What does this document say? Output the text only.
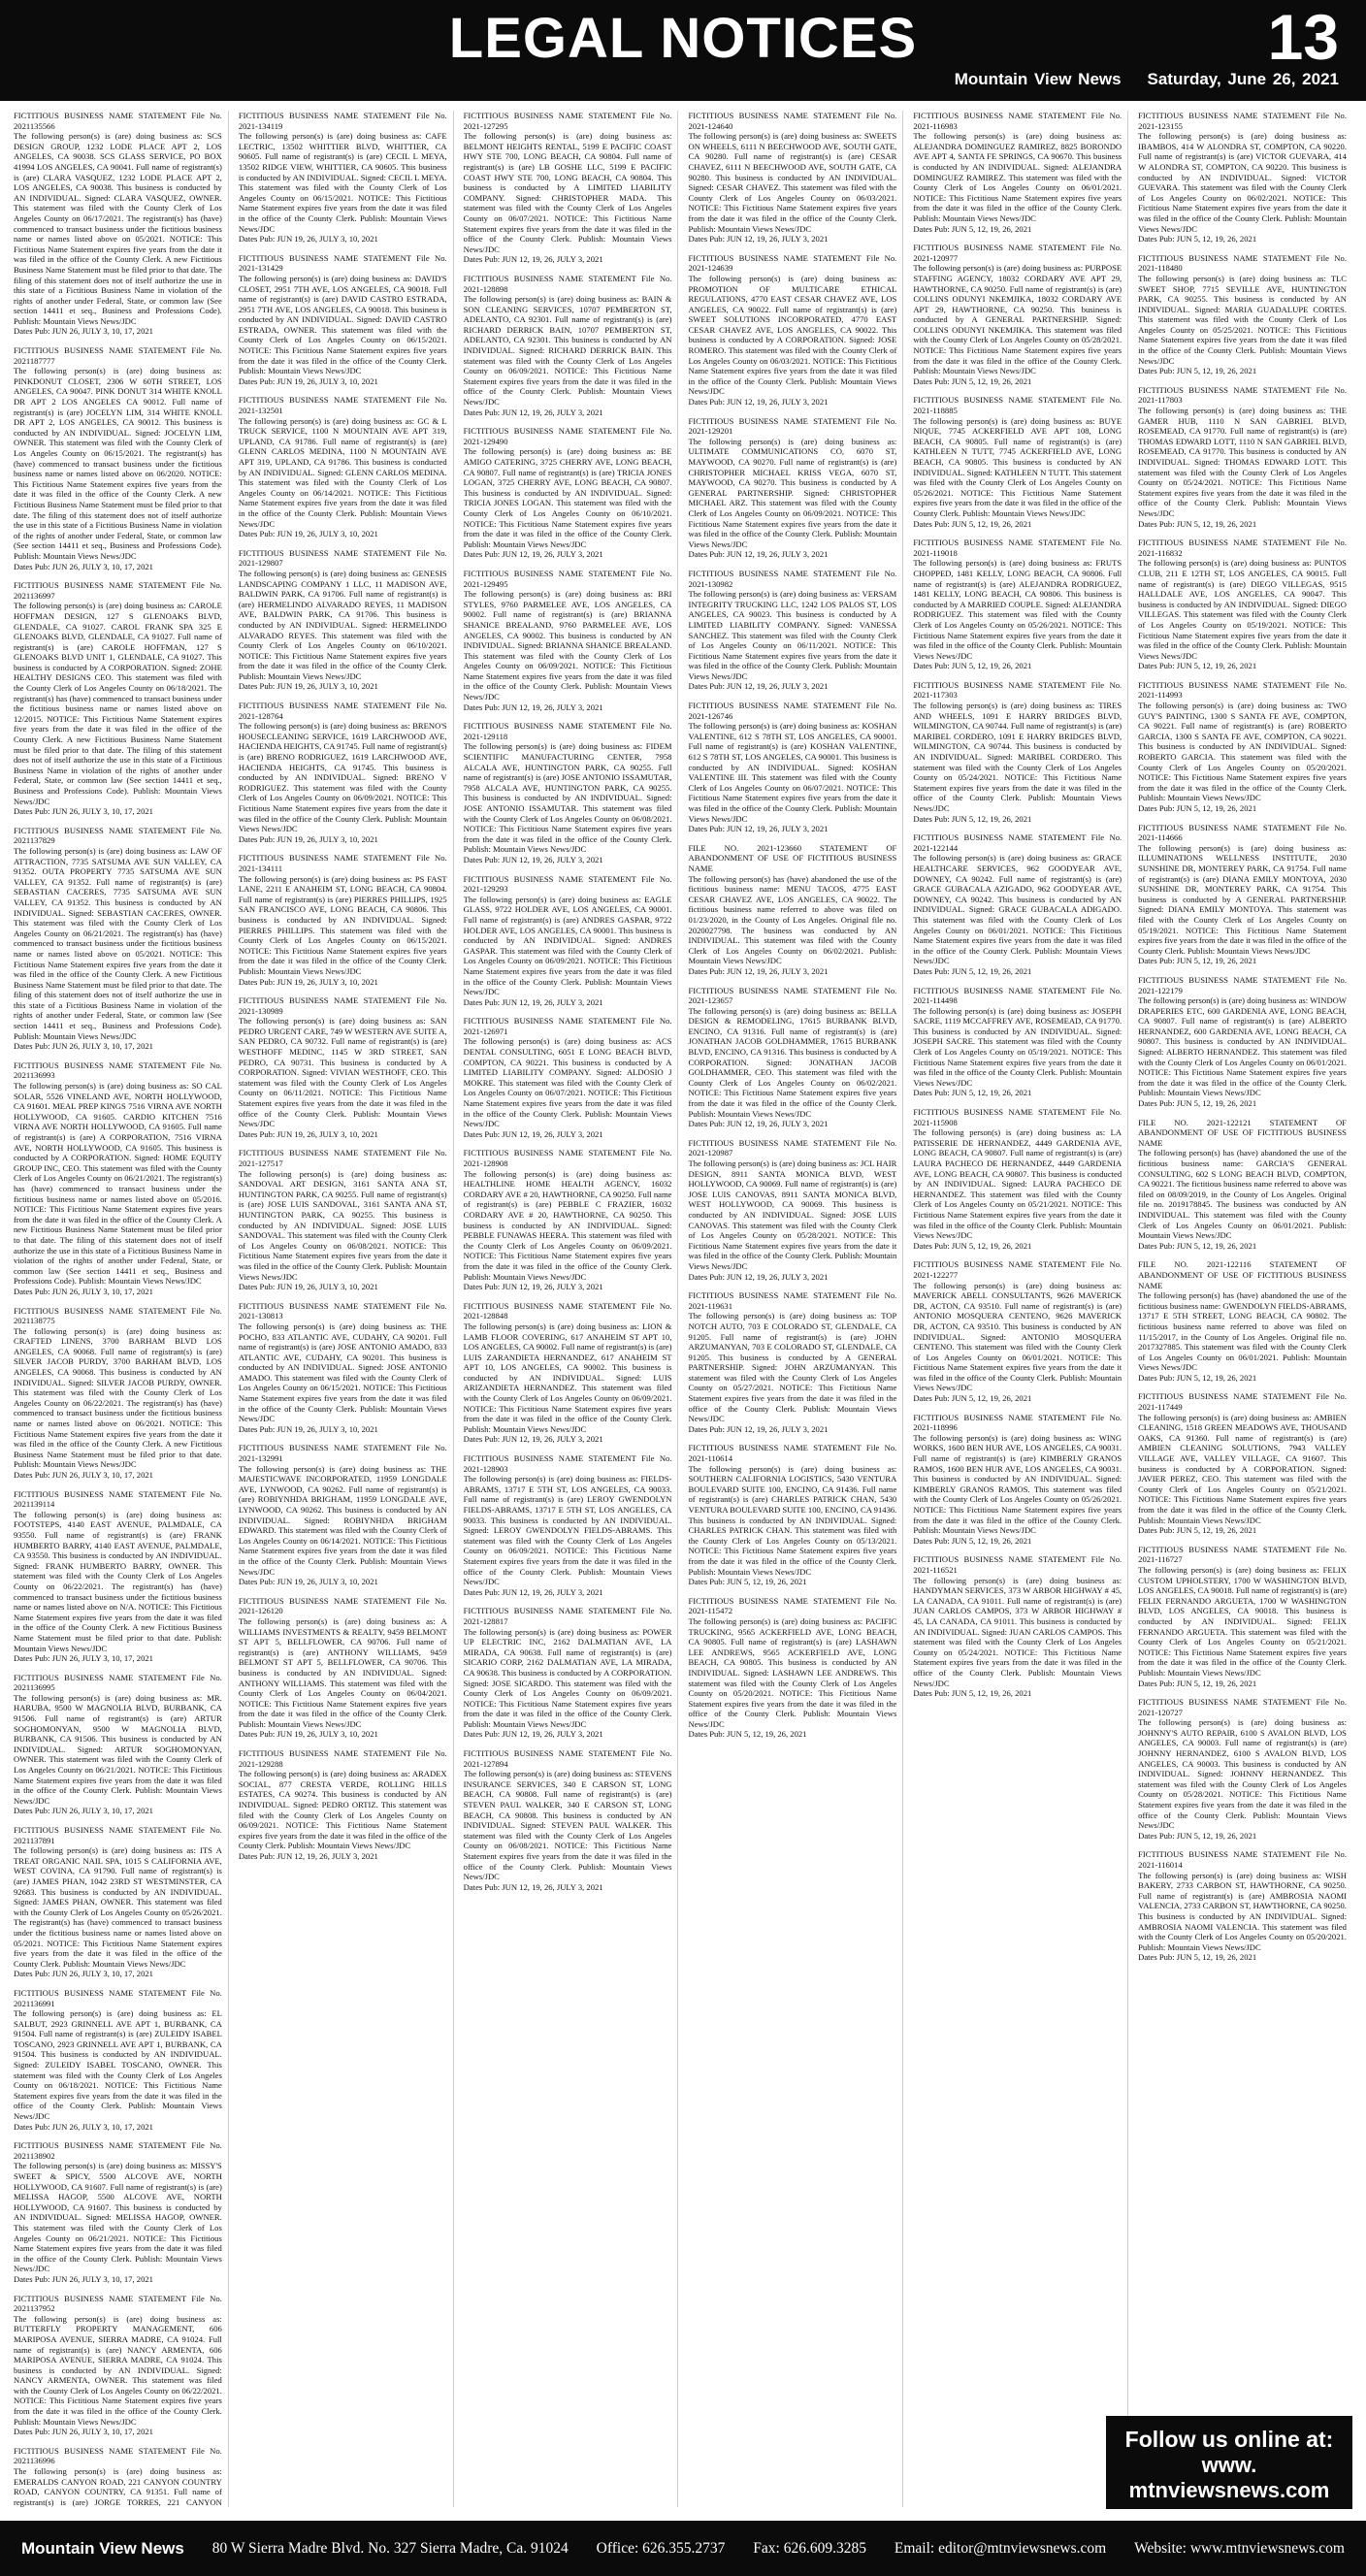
LEGAL NOTICES	13
Mountain View News Saturday, June 26, 2021
FICTITIOUS BUSINESS NAME STATEMENT File No. 2021135566
The following person(s) is (are) doing business as: SCS DESIGN GROUP, 1232 LODE PLACE APT 2, LOS ANGELES, CA 90038. SCS GLASS SERVICE, PO BOX 41994 LOS ANGELES, CA 90041. Full name of registrant(s) is (are) CLARA VASQUEZ, 1232 LODE PLACE APT 2, LOS ANGELES, CA 90038. This business is conducted by AN INDIVIDUAL. Signed: CLARA VASQUEZ, OWNER. This statement was filed with the County Clerk of Los Angeles County on 06/17/2021. The registrant(s) has (have) commenced to transact business under the fictitious business name or names listed above on 05/2021. NOTICE: This Fictitious Name Statement expires five years from the date it was filed in the office of the County Clerk. A new Fictitious Business Name Statement must be filed prior to that date. The filing of this statement does not of itself authorize the use in this state of a Fictitious Business Name in violation of the rights of another under Federal, State, or common law (See section 14411 et seq., Business and Professions Code). Publish: Mountain Views News/JDC
Dates Pub: JUN 26, JULY 3, 10, 17, 2021
FICTITIOUS BUSINESS NAME STATEMENT File No. 2021187777
The following person(s) is (are) doing business as: PINKDONUT CLOSET, 2306 W 60TH STREET, LOS ANGELES, CA 90047. PINK DONUT 314 WHITE KNOLL DR APT 2 LOS ANGELES CA 90012. Full name of registrant(s) is (are) JOCELYN LIM, 314 WHITE KNOLL DR APT 2, LOS ANGELES, CA 90012. This business is conducted by AN INDIVIDUAL. Signed: JOCELYN LIM, OWNER. This statement was filed with the County Clerk of Los Angeles County on 06/15/2021. The registrant(s) has (have) commenced to transact business under the fictitious business name or names listed above on 06/2020. NOTICE: This Fictitious Name Statement expires five years from the date it was filed in the office of the County Clerk. A new Fictitious Business Name Statement must be filed prior to that date. The filing of this statement does not of itself authorize the use in this state of a Fictitious Business Name in violation of the rights of another under Federal, State, or common law (See section 14411 et seq., Business and Professions Code). Publish: Mountain Views News/JDC
Dates Pub: JUN 26, JULY 3, 10, 17, 2021
FICTITIOUS BUSINESS NAME STATEMENT File No. 2021136997
The following person(s) is (are) doing business as: CAROLE HOFFMAN DESIGN, 127 S GLENOAKS BLVD, GLENDALE, CA 91027. CAROL FRANK SPA 325 E GLENOAKS BLVD, GLENDALE, CA 91027. Full name of registrant(s) is (are) CAROLE HOFFMAN, 127 S GLENOAKS BLVD UNIT 1, GLENDALE, CA 91027. This business is conducted by A CORPORATION. Signed: ZOHE HEALTHY DESIGNS CEO. This statement was filed with the County Clerk of Los Angeles County on 06/18/2021. The registrant(s) has (have) commenced to transact business under the fictitious business name or names listed above on 12/2015. NOTICE: This Fictitious Name Statement expires five years from the date it was filed in the office of the County Clerk. A new Fictitious Business Name Statement must be filed prior to that date. The filing of this statement does not of itself authorize the use in this state of a Fictitious Business Name in violation of the rights of another under Federal, State, or common law (See section 14411 et seq., Business and Professions Code). Publish: Mountain Views News/JDC
Dates Pub: JUN 26, JULY 3, 10, 17, 2021
FICTITIOUS BUSINESS NAME STATEMENT File No. 2021137829
The following person(s) is (are) doing business as: LAW OF ATTRACTION, 7735 SATSUMA AVE SUN VALLEY, CA 91352. OUTA PROPERTY 7735 SATSUMA AVE SUN VALLEY, CA 91352. Full name of registrant(s) is (are) SEBASTIAN CACERES, 7735 SATSUMA AVE SUN VALLEY, CA 91352. This business is conducted by AN INDIVIDUAL. Signed: SEBASTIAN CACERES, OWNER. This statement was filed with the County Clerk of Los Angeles County on 06/21/2021. The registrant(s) has (have) commenced to transact business under the fictitious business name or names listed above on 05/2021. NOTICE: This Fictitious Name Statement expires five years from the date it was filed in the office of the County Clerk. A new Fictitious Business Name Statement must be filed prior to that date. The filing of this statement does not of itself authorize the use in this state of a Fictitious Business Name in violation of the rights of another under Federal, State, or common law (See section 14411 et seq., Business and Professions Code). Publish: Mountain Views News/JDC
Dates Pub: JUN 26, JULY 3, 10, 17, 2021
FICTITIOUS BUSINESS NAME STATEMENT File No. 2021136993
The following person(s) is (are) doing business as: SO CAL SOLAR, 5526 VINELAND AVE, NORTH HOLLYWOOD, CA 91601. MEAL PREP KINGS 7516 VIRNA AVE NORTH HOLLYWOOD, CA 91605. CARDIO KITCHEN 7516 VIRNA AVE NORTH HOLLYWOOD, CA 91605. Full name of registrant(s) is (are) A CORPORATION, 7516 VIRNA AVE, NORTH HOLLYWOOD, CA 91605. This business is conducted by A CORPORATION. Signed: HOME EQUITY GROUP INC, CEO. This statement was filed with the County Clerk of Los Angeles County on 06/21/2021. The registrant(s) has (have) commenced to transact business under the fictitious business name or names listed above on 05/2016. NOTICE: This Fictitious Name Statement expires five years from the date it was filed in the office of the County Clerk. A new Fictitious Business Name Statement must be filed prior to that date. The filing of this statement does not of itself authorize the use in this state of a Fictitious Business Name in violation of the rights of another under Federal, State, or common law (See section 14411 et seq., Business and Professions Code). Publish: Mountain Views News/JDC
Dates Pub: JUN 26, JULY 3, 10, 17, 2021
FICTITIOUS BUSINESS NAME STATEMENT File No. 2021138775
The following person(s) is (are) doing business as: CRAFTED LINENS, 3700 BARHAM BLVD LOS ANGELES, CA 90068. Full name of registrant(s) is (are) SILVER JACOB PURDY, 3700 BARHAM BLVD, LOS ANGELES, CA 90068. This business is conducted by AN INDIVIDUAL. Signed: SILVER JACOB PURDY, OWNER. This statement was filed with the County Clerk of Los Angeles County on 06/22/2021. The registrant(s) has (have) commenced to transact business under the fictitious business name or names listed above on 06/2021. NOTICE: This Fictitious Name Statement expires five years from the date it was filed in the office of the County Clerk. A new Fictitious Business Name Statement must be filed prior to that date. Publish: Mountain Views News/JDC
Dates Pub: JUN 26, JULY 3, 10, 17, 2021
FICTITIOUS BUSINESS NAME STATEMENT File No. 2021139114
The following person(s) is (are) doing business as: FOOTSTEPS, 4140 EAST AVENUE, PALMDALE, CA 93550. Full name of registrant(s) is (are) FRANK HUMBERTO BARRY, 4140 EAST AVENUE, PALMDALE, CA 93550. This business is conducted by AN INDIVIDUAL. Signed: FRANK HUMBERTO BARRY, OWNER. This statement was filed with the County Clerk of Los Angeles County on 06/22/2021. The registrant(s) has (have) commenced to transact business under the fictitious business name or names listed above on N/A. NOTICE: This Fictitious Name Statement expires five years from the date it was filed in the office of the County Clerk. A new Fictitious Business Name Statement must be filed prior to that date. Publish: Mountain Views News/JDC
Dates Pub: JUN 26, JULY 3, 10, 17, 2021
FICTITIOUS BUSINESS NAME STATEMENT File No. 2021136995
The following person(s) is (are) doing business as: MR. HARUBA, 9500 W MAGNOLIA BLVD, BURBANK, CA 91506. Full name of registrant(s) is (are) ARTUR SOGHOMONYAN, 9500 W MAGNOLIA BLVD, BURBANK, CA 91506. This business is conducted by AN INDIVIDUAL. Signed: ARTUR SOGHOMONYAN, OWNER. This statement was filed with the County Clerk of Los Angeles County on 06/21/2021. NOTICE: This Fictitious Name Statement expires five years from the date it was filed in the office of the County Clerk. Publish: Mountain Views News/JDC
Dates Pub: JUN 26, JULY 3, 10, 17, 2021
FICTITIOUS BUSINESS NAME STATEMENT File No. 2021137891
The following person(s) is (are) doing business as: ITS A TREAT ORGANIC NAIL SPA, 1015 S CALIFORNIA AVE, WEST COVINA, CA 91790. Full name of registrant(s) is (are) JAMES PHAN, 1042 23RD ST WESTMINSTER, CA 92683. This business is conducted by AN INDIVIDUAL. Signed: JAMES PHAN, OWNER. This statement was filed with the County Clerk of Los Angeles County on 05/26/2021. The registrant(s) has (have) commenced to transact business under the fictitious business name or names listed above on 05/2021. NOTICE: This Fictitious Name Statement expires five years from the date it was filed in the office of the County Clerk. Publish: Mountain Views News/JDC
Dates Pub: JUN 26, JULY 3, 10, 17, 2021
FICTITIOUS BUSINESS NAME STATEMENT File No. 2021136991
The following person(s) is (are) doing business as: EL SALBUT, 2923 GRINNELL AVE APT 1, BURBANK, CA 91504. Full name of registrant(s) is (are) ZULEIDY ISABEL TOSCANO, 2923 GRINNELL AVE APT 1, BURBANK, CA 91504. This business is conducted by AN INDIVIDUAL. Signed: ZULEIDY ISABEL TOSCANO, OWNER. This statement was filed with the County Clerk of Los Angeles County on 06/18/2021. NOTICE: This Fictitious Name Statement expires five years from the date it was filed in the office of the County Clerk. Publish: Mountain Views News/JDC
Dates Pub: JUN 26, JULY 3, 10, 17, 2021
FICTITIOUS BUSINESS NAME STATEMENT File No. 2021138902
The following person(s) is (are) doing business as: MISSY'S SWEET & SPICY, 5500 ALCOVE AVE, NORTH HOLLYWOOD, CA 91607. Full name of registrant(s) is (are) MELISSA HAGOP, 5500 ALCOVE AVE, NORTH HOLLYWOOD, CA 91607. This business is conducted by AN INDIVIDUAL. Signed: MELISSA HAGOP, OWNER. This statement was filed with the County Clerk of Los Angeles County on 06/21/2021. NOTICE: This Fictitious Name Statement expires five years from the date it was filed in the office of the County Clerk. Publish: Mountain Views News/JDC
Dates Pub: JUN 26, JULY 3, 10, 17, 2021
FICTITIOUS BUSINESS NAME STATEMENT File No. 2021137952
The following person(s) is (are) doing business as: BUTTERFLY PROPERTY MANAGEMENT, 606 MARIPOSA AVENUE, SIERRA MADRE, CA 91024. Full name of registrant(s) is (are) NANCY ARMENTA, 606 MARIPOSA AVENUE, SIERRA MADRE, CA 91024. This business is conducted by AN INDIVIDUAL. Signed: NANCY ARMENTA, OWNER. This statement was filed with the County Clerk of Los Angeles County on 06/22/2021. NOTICE: This Fictitious Name Statement expires five years from the date it was filed in the office of the County Clerk. Publish: Mountain Views News/JDC
Dates Pub: JUN 26, JULY 3, 10, 17, 2021
FICTITIOUS BUSINESS NAME STATEMENT File No. 2021136996
The following person(s) is (are) doing business as: EMERALDS CANYON ROAD, 221 CANYON COUNTRY ROAD, CANYON COUNTRY, CA 91351. Full name of registrant(s) is (are) JORGE TORRES, 221 CANYON
FICTITIOUS BUSINESS NAME STATEMENT File No. 2021-134119
The following person(s) is (are) doing business as: CAFE LECTRIC, 13502 WHITTIER BLVD, WHITTIER, CA 90605. Full name of registrant(s) is (are) CECIL L MEYA, 13502 RIDGE VIEW, WHITTIER, CA 90605. This business is conducted by AN INDIVIDUAL. Signed: CECIL L MEYA. This statement was filed with the County Clerk of Los Angeles County on 06/15/2021. NOTICE: This Fictitious Name Statement expires five years from the date it was filed in the office of the County Clerk. Publish: Mountain Views News/JDC
Dates Pub: JUN 19, 26, JULY 3, 10, 2021
FICTITIOUS BUSINESS NAME STATEMENT File No. 2021-131429
The following person(s) is (are) doing business as: DAVID'S CLOSET, 2951 7TH AVE, LOS ANGELES, CA 90018. Full name of registrant(s) is (are) DAVID CASTRO ESTRADA, 2951 7TH AVE, LOS ANGELES, CA 90018. This business is conducted by AN INDIVIDUAL. Signed: DAVID CASTRO ESTRADA, OWNER. This statement was filed with the County Clerk of Los Angeles County on 06/15/2021. NOTICE: This Fictitious Name Statement expires five years from the date it was filed in the office of the County Clerk. Publish: Mountain Views News/JDC
Dates Pub: JUN 19, 26, JULY 3, 10, 2021
FICTITIOUS BUSINESS NAME STATEMENT File No. 2021-132501
The following person(s) is (are) doing business as: GC & L TRUCK SERVICE, 1100 N MOUNTAIN AVE APT 319, UPLAND, CA 91786. Full name of registrant(s) is (are) GLENN CARLOS MEDINA, 1100 N MOUNTAIN AVE APT 319, UPLAND, CA 91786. This business is conducted by AN INDIVIDUAL. Signed: GLENN CARLOS MEDINA. This statement was filed with the County Clerk of Los Angeles County on 06/14/2021. NOTICE: This Fictitious Name Statement expires five years from the date it was filed in the office of the County Clerk. Publish: Mountain Views News/JDC
Dates Pub: JUN 19, 26, JULY 3, 10, 2021
FICTITIOUS BUSINESS NAME STATEMENT File No. 2021-129807
The following person(s) is (are) doing business as: GENESIS LANDSCAPING COMPANY 1 LLC, 11 MADISON AVE, BALDWIN PARK, CA 91706. Full name of registrant(s) is (are) HERMELINDO ALVARADO REYES, 11 MADISON AVE, BALDWIN PARK, CA 91706. This business is conducted by AN INDIVIDUAL. Signed: HERMELINDO ALVARADO REYES. This statement was filed with the County Clerk of Los Angeles County on 06/10/2021. NOTICE: This Fictitious Name Statement expires five years from the date it was filed in the office of the County Clerk. Publish: Mountain Views News/JDC
Dates Pub: JUN 19, 26, JULY 3, 10, 2021
FICTITIOUS BUSINESS NAME STATEMENT File No. 2021-128764
The following person(s) is (are) doing business as: BRENO'S HOUSECLEANING SERVICE, 1619 LARCHWOOD AVE, HACIENDA HEIGHTS, CA 91745. Full name of registrant(s) is (are) BRENO RODRIGUEZ, 1619 LARCHWOOD AVE, HACIENDA HEIGHTS, CA 91745. This business is conducted by AN INDIVIDUAL. Signed: BRENO V RODRIGUEZ. This statement was filed with the County Clerk of Los Angeles County on 06/09/2021. NOTICE: This Fictitious Name Statement expires five years from the date it was filed in the office of the County Clerk. Publish: Mountain Views News/JDC
Dates Pub: JUN 19, 26, JULY 3, 10, 2021
FICTITIOUS BUSINESS NAME STATEMENT File No. 2021-134111
The following person(s) is (are) doing business as: PS FAST LANE, 2211 E ANAHEIM ST, LONG BEACH, CA 90804. Full name of registrant(s) is (are) PIERRES PHILLIPS, 1925 SAN FRANCISCO AVE, LONG BEACH, CA 90806. This business is conducted by AN INDIVIDUAL. Signed: PIERRES PHILLIPS. This statement was filed with the County Clerk of Los Angeles County on 06/15/2021. NOTICE: This Fictitious Name Statement expires five years from the date it was filed in the office of the County Clerk. Publish: Mountain Views News/JDC
Dates Pub: JUN 19, 26, JULY 3, 10, 2021
FICTITIOUS BUSINESS NAME STATEMENT File No. 2021-130989
The following person(s) is (are) doing business as: SAN PEDRO URGENT CARE, 749 W WESTERN AVE SUITE A, SAN PEDRO, CA 90732. Full name of registrant(s) is (are) WESTHOFF MEDINC, 1145 W 3RD STREET, SAN PEDRO, CA 90731. This business is conducted by A CORPORATION. Signed: VIVIAN WESTHOFF, CEO. This statement was filed with the County Clerk of Los Angeles County on 06/11/2021. NOTICE: This Fictitious Name Statement expires five years from the date it was filed in the office of the County Clerk. Publish: Mountain Views News/JDC
Dates Pub: JUN 19, 26, JULY 3, 10, 2021
FICTITIOUS BUSINESS NAME STATEMENT File No. 2021-127517
The following person(s) is (are) doing business as: SANDOVAL ART DESIGN, 3161 SANTA ANA ST, HUNTINGTON PARK, CA 90255. Full name of registrant(s) is (are) JOSE LUIS SANDOVAL, 3161 SANTA ANA ST, HUNTINGTON PARK, CA 90255. This business is conducted by AN INDIVIDUAL. Signed: JOSE LUIS SANDOVAL. This statement was filed with the County Clerk of Los Angeles County on 06/08/2021. NOTICE: This Fictitious Name Statement expires five years from the date it was filed in the office of the County Clerk. Publish: Mountain Views News/JDC
Dates Pub: JUN 19, 26, JULY 3, 10, 2021
FICTITIOUS BUSINESS NAME STATEMENT File No. 2021-130813
The following person(s) is (are) doing business as: THE POCHO, 833 ATLANTIC AVE, CUDAHY, CA 90201. Full name of registrant(s) is (are) JOSE ANTONIO AMADO, 833 ATLANTIC AVE, CUDAHY, CA 90201. This business is conducted by AN INDIVIDUAL. Signed: JOSE ANTONIO AMADO. This statement was filed with the County Clerk of Los Angeles County on 06/15/2021. NOTICE: This Fictitious Name Statement expires five years from the date it was filed in the office of the County Clerk. Publish: Mountain Views News/JDC
Dates Pub: JUN 19, 26, JULY 3, 10, 2021
FICTITIOUS BUSINESS NAME STATEMENT File No. 2021-132991
The following person(s) is (are) doing business as: THE MAJESTICWAVE INCORPORATED, 11959 LONGDALE AVE, LYNWOOD, CA 90262. Full name of registrant(s) is (are) ROBIYNHDA BRIGHAM, 11959 LONGDALE AVE, LYNWOOD, CA 90262. This business is conducted by AN INDIVIDUAL. Signed: ROBIYNHDA BRIGHAM EDWARD. This statement was filed with the County Clerk of Los Angeles County on 06/14/2021. NOTICE: This Fictitious Name Statement expires five years from the date it was filed in the office of the County Clerk. Publish: Mountain Views News/JDC
Dates Pub: JUN 19, 26, JULY 3, 10, 2021
FICTITIOUS BUSINESS NAME STATEMENT File No. 2021-126120
The following person(s) is (are) doing business as: A WILLIAMS INVESTMENTS & REALTY, 9459 BELMONT ST APT 5, BELLFLOWER, CA 90706. Full name of registrant(s) is (are) ANTHONY WILLIAMS, 9459 BELMONT ST APT 5, BELLFLOWER, CA 90706. This business is conducted by AN INDIVIDUAL. Signed: ANTHONY WILLIAMS. This statement was filed with the County Clerk of Los Angeles County on 06/04/2021. NOTICE: This Fictitious Name Statement expires five years from the date it was filed in the office of the County Clerk. Publish: Mountain Views News/JDC
Dates Pub: JUN 19, 26, JULY 3, 10, 2021
FICTITIOUS BUSINESS NAME STATEMENT File No. 2021-129288
The following person(s) is (are) doing business as: ARADEX SOCIAL, 877 CRESTA VERDE, ROLLING HILLS ESTATES, CA 90274. This business is conducted by AN INDIVIDUAL. Signed: PEDRO ORTIZ. This statement was filed with the County Clerk of Los Angeles County on 06/09/2021. NOTICE: This Fictitious Name Statement expires five years from the date it was filed in the office of the County Clerk. Publish: Mountain Views News/JDC
Dates Pub: JUN 12, 19, 26, JULY 3, 2021
FICTITIOUS BUSINESS NAME STATEMENT File No. 2021-127295
The following person(s) is (are) doing business as: BELMONT HEIGHTS RENTAL, 5199 E PACIFIC COAST HWY STE 700, LONG BEACH, CA 90804. Full name of registrant(s) is (are) LB GOSHE LLC, 5199 E PACIFIC COAST HWY STE 700, LONG BEACH, CA 90804. This business is conducted by A LIMITED LIABILITY COMPANY. Signed: CHRISTOPHER MADA. This statement was filed with the County Clerk of Los Angeles County on 06/07/2021. NOTICE: This Fictitious Name Statement expires five years from the date it was filed in the office of the County Clerk. Publish: Mountain Views News/JDC
Dates Pub: JUN 12, 19, 26, JULY 3, 2021
FICTITIOUS BUSINESS NAME STATEMENT File No. 2021-128898
The following person(s) is (are) doing business as: BAIN & SON CLEANING SERVICES, 10707 PEMBERTON ST, ADELANTO, CA 92301. Full name of registrant(s) is (are) RICHARD DERRICK BAIN, 10707 PEMBERTON ST, ADELANTO, CA 92301. This business is conducted by AN INDIVIDUAL. Signed: RICHARD DERRICK BAIN. This statement was filed with the County Clerk of Los Angeles County on 06/09/2021. NOTICE: This Fictitious Name Statement expires five years from the date it was filed in the office of the County Clerk. Publish: Mountain Views News/JDC
Dates Pub: JUN 12, 19, 26, JULY 3, 2021
FICTITIOUS BUSINESS NAME STATEMENT File No. 2021-129490
The following person(s) is (are) doing business as: BE AMIGO CATERING, 3725 CHERRY AVE, LONG BEACH, CA 90807. Full name of registrant(s) is (are) TRICIA JONES LOGAN, 3725 CHERRY AVE, LONG BEACH, CA 90807. This business is conducted by AN INDIVIDUAL. Signed: TRICIA JONES LOGAN. This statement was filed with the County Clerk of Los Angeles County on 06/10/2021. NOTICE: This Fictitious Name Statement expires five years from the date it was filed in the office of the County Clerk. Publish: Mountain Views News/JDC
Dates Pub: JUN 12, 19, 26, JULY 3, 2021
FICTITIOUS BUSINESS NAME STATEMENT File No. 2021-129495
The following person(s) is (are) doing business as: BRI STYLES, 9760 PARMELEE AVE, LOS ANGELES, CA 90002. Full name of registrant(s) is (are) BRIANNA SHANICE BREALAND, 9760 PARMELEE AVE, LOS ANGELES, CA 90002. This business is conducted by AN INDIVIDUAL. Signed: BRIANNA SHANICE BREALAND. This statement was filed with the County Clerk of Los Angeles County on 06/09/2021. NOTICE: This Fictitious Name Statement expires five years from the date it was filed in the office of the County Clerk. Publish: Mountain Views News/JDC
Dates Pub: JUN 12, 19, 26, JULY 3, 2021
FICTITIOUS BUSINESS NAME STATEMENT File No. 2021-129118
The following person(s) is (are) doing business as: FIDEM SCIENTIFIC MANUFACTURING CENTER, 7958 ALCALA AVE, HUNTINGTON PARK, CA 90255. Full name of registrant(s) is (are) JOSE ANTONIO ISSAMUTAR, 7958 ALCALA AVE, HUNTINGTON PARK, CA 90255. This business is conducted by AN INDIVIDUAL. Signed: JOSE ANTONIO ISSAMUTAR. This statement was filed with the County Clerk of Los Angeles County on 06/08/2021. NOTICE: This Fictitious Name Statement expires five years from the date it was filed in the office of the County Clerk. Publish: Mountain Views News/JDC
Dates Pub: JUN 12, 19, 26, JULY 3, 2021
FICTITIOUS BUSINESS NAME STATEMENT File No. 2021-129293
The following person(s) is (are) doing business as: EAGLE GLASS, 9722 HOLDER AVE, LOS ANGELES, CA 90001. Full name of registrant(s) is (are) ANDRES GASPAR, 9722 HOLDER AVE, LOS ANGELES, CA 90001. This business is conducted by AN INDIVIDUAL. Signed: ANDRES GASPAR. This statement was filed with the County Clerk of Los Angeles County on 06/09/2021. NOTICE: This Fictitious Name Statement expires five years from the date it was filed in the office of the County Clerk. Publish: Mountain Views News/JDC
Dates Pub: JUN 12, 19, 26, JULY 3, 2021
FICTITIOUS BUSINESS NAME STATEMENT File No. 2021-126971
The following person(s) is (are) doing business as: ACS DENTAL CONSULTING, 6051 E LONG BEACH BLVD, COMPTON, CA 90221. This business is conducted by A LIMITED LIABILITY COMPANY. Signed: ALDOSIO J MOKRE. This statement was filed with the County Clerk of Los Angeles County on 06/07/2021. NOTICE: This Fictitious Name Statement expires five years from the date it was filed in the office of the County Clerk. Publish: Mountain Views News/JDC
Dates Pub: JUN 12, 19, 26, JULY 3, 2021
FICTITIOUS BUSINESS NAME STATEMENT File No. 2021-128908
The following person(s) is (are) doing business as: HEALTHLINE HOME HEALTH AGENCY, 16032 CORDARY AVE # 20, HAWTHORNE, CA 90250. Full name of registrant(s) is (are) PEBBLE C FRAZIER, 16032 CORDARY AVE # 20, HAWTHORNE, CA 90250. This business is conducted by AN INDIVIDUAL. Signed: PEBBLE FUNAWAS HEERA. This statement was filed with the County Clerk of Los Angeles County on 06/09/2021. NOTICE: This Fictitious Name Statement expires five years from the date it was filed in the office of the County Clerk. Publish: Mountain Views News/JDC
Dates Pub: JUN 12, 19, 26, JULY 3, 2021
FICTITIOUS BUSINESS NAME STATEMENT File No. 2021-128848
The following person(s) is (are) doing business as: LION & LAMB FLOOR COVERING, 617 ANAHEIM ST APT 10, LOS ANGELES, CA 90002. Full name of registrant(s) is (are) LUIS ZARANDIETA HERNANDEZ, 617 ANAHEIM ST APT 10, LOS ANGELES, CA 90002. This business is conducted by AN INDIVIDUAL. Signed: LUIS ARIZANDIETA HERNANDEZ. This statement was filed with the County Clerk of Los Angeles County on 06/09/2021. NOTICE: This Fictitious Name Statement expires five years from the date it was filed in the office of the County Clerk. Publish: Mountain Views News/JDC
Dates Pub: JUN 12, 19, 26, JULY 3, 2021
FICTITIOUS BUSINESS NAME STATEMENT File No. 2021-128903
The following person(s) is (are) doing business as: FIELDS-ABRAMS, 13717 E 5TH ST, LOS ANGELES, CA 90033. Full name of registrant(s) is (are) LEROY GWENDOLYN FIELDS-ABRAMS, 13717 E 5TH ST, LOS ANGELES, CA 90033. This business is conducted by AN INDIVIDUAL. Signed: LEROY GWENDOLYN FIELDS-ABRAMS. This statement was filed with the County Clerk of Los Angeles County on 06/09/2021. NOTICE: This Fictitious Name Statement expires five years from the date it was filed in the office of the County Clerk. Publish: Mountain Views News/JDC
Dates Pub: JUN 12, 19, 26, JULY 3, 2021
FICTITIOUS BUSINESS NAME STATEMENT File No. 2021-128817
The following person(s) is (are) doing business as: POWER UP ELECTRIC INC, 2162 DALMATIAN AVE, LA MIRADA, CA 90638. Full name of registrant(s) is (are) SICARIO CORP, 2162 DALMATIAN AVE, LA MIRADA, CA 90638. This business is conducted by A CORPORATION. Signed: JOSE SICARDO. This statement was filed with the County Clerk of Los Angeles County on 06/09/2021. NOTICE: This Fictitious Name Statement expires five years from the date it was filed in the office of the County Clerk. Publish: Mountain Views News/JDC
Dates Pub: JUN 12, 19, 26, JULY 3, 2021
FICTITIOUS BUSINESS NAME STATEMENT File No. 2021-127894
The following person(s) is (are) doing business as: STEVENS INSURANCE SERVICES, 340 E CARSON ST, LONG BEACH, CA 90808. Full name of registrant(s) is (are) STEVEN PAUL WALKER, 340 E CARSON ST, LONG BEACH, CA 90808. This business is conducted by AN INDIVIDUAL. Signed: STEVEN PAUL WALKER. This statement was filed with the County Clerk of Los Angeles County on 06/08/2021. NOTICE: This Fictitious Name Statement expires five years from the date it was filed in the office of the County Clerk. Publish: Mountain Views News/JDC
Dates Pub: JUN 12, 19, 26, JULY 3, 2021
FICTITIOUS BUSINESS NAME STATEMENT File No. 2021-124640
The following person(s) is (are) doing business as: SWEETS ON WHEELS, 6111 N BEECHWOOD AVE, SOUTH GATE, CA 90280. Full name of registrant(s) is (are) CESAR CHAVEZ, 6111 N BEECHWOOD AVE, SOUTH GATE, CA 90280. This business is conducted by AN INDIVIDUAL. Signed: CESAR CHAVEZ. This statement was filed with the County Clerk of Los Angeles County on 06/03/2021. NOTICE: This Fictitious Name Statement expires five years from the date it was filed in the office of the County Clerk. Publish: Mountain Views News/JDC
Dates Pub: JUN 12, 19, 26, JULY 3, 2021
FICTITIOUS BUSINESS NAME STATEMENT File No. 2021-124639
The following person(s) is (are) doing business as: PROMOTION OF MULTICARE ETHICAL REGULATIONS, 4770 EAST CESAR CHAVEZ AVE, LOS ANGELES, CA 90022. Full name of registrant(s) is (are) SWEET SOLUTIONS INCORPORATED, 4770 EAST CESAR CHAVEZ AVE, LOS ANGELES, CA 90022. This business is conducted by A CORPORATION. Signed: JOSE ROMERO. This statement was filed with the County Clerk of Los Angeles County on 06/03/2021. NOTICE: This Fictitious Name Statement expires five years from the date it was filed in the office of the County Clerk. Publish: Mountain Views News/JDC
Dates Pub: JUN 12, 19, 26, JULY 3, 2021
FICTITIOUS BUSINESS NAME STATEMENT File No. 2021-129201
The following person(s) is (are) doing business as: ULTIMATE COMMUNICATIONS CO, 6070 ST, MAYWOOD, CA 90270. Full name of registrant(s) is (are) CHRISTOPHER MICHAEL KRISS VEGA, 6070 ST, MAYWOOD, CA 90270. This business is conducted by A GENERAL PARTNERSHIP. Signed: CHRISTOPHER MICHAEL ARZ. This statement was filed with the County Clerk of Los Angeles County on 06/09/2021. NOTICE: This Fictitious Name Statement expires five years from the date it was filed in the office of the County Clerk. Publish: Mountain Views News/JDC
Dates Pub: JUN 12, 19, 26, JULY 3, 2021
FICTITIOUS BUSINESS NAME STATEMENT File No. 2021-130982
The following person(s) is (are) doing business as: VERSAM INTEGRITY TRUCKING LLC, 1242 LOS PALOS ST, LOS ANGELES, CA 90023. This business is conducted by A LIMITED LIABILITY COMPANY. Signed: VANESSA SANCHEZ. This statement was filed with the County Clerk of Los Angeles County on 06/11/2021. NOTICE: This Fictitious Name Statement expires five years from the date it was filed in the office of the County Clerk. Publish: Mountain Views News/JDC
Dates Pub: JUN 12, 19, 26, JULY 3, 2021
FICTITIOUS BUSINESS NAME STATEMENT File No. 2021-126746
The following person(s) is (are) doing business as: KOSHAN VALENTINE, 612 S 78TH ST, LOS ANGELES, CA 90001. Full name of registrant(s) is (are) KOSHAN VALENTINE, 612 S 78TH ST, LOS ANGELES, CA 90001. This business is conducted by AN INDIVIDUAL. Signed: KOSHAN VALENTINE III. This statement was filed with the County Clerk of Los Angeles County on 06/07/2021. NOTICE: This Fictitious Name Statement expires five years from the date it was filed in the office of the County Clerk. Publish: Mountain Views News/JDC
Dates Pub: JUN 12, 19, 26, JULY 3, 2021
FILE NO. 2021-123660 STATEMENT OF ABANDONMENT OF USE OF FICTITIOUS BUSINESS NAME
The following person(s) has (have) abandoned the use of the fictitious business name: MENU TACOS, 4775 EAST CESAR CHAVEZ AVE, LOS ANGELES, CA 90022. The fictitious business name referred to above was filed on 01/23/2020, in the County of Los Angeles. Original file no. 2020027798. The business was conducted by AN INDIVIDUAL. This statement was filed with the County Clerk of Los Angeles County on 06/02/2021. Publish: Mountain Views News/JDC
Dates Pub: JUN 12, 19, 26, JULY 3, 2021
FICTITIOUS BUSINESS NAME STATEMENT File No. 2021-123657
The following person(s) is (are) doing business as: BELLA DESIGN & REMODELING, 17615 BURBANK BLVD, ENCINO, CA 91316. Full name of registrant(s) is (are) JONATHAN JACOB GOLDHAMMER, 17615 BURBANK BLVD, ENCINO, CA 91316. This business is conducted by A CORPORATION. Signed: JONATHAN JACOB GOLDHAMMER, CEO. This statement was filed with the County Clerk of Los Angeles County on 06/02/2021. NOTICE: This Fictitious Name Statement expires five years from the date it was filed in the office of the County Clerk. Publish: Mountain Views News/JDC
Dates Pub: JUN 12, 19, 26, JULY 3, 2021
FICTITIOUS BUSINESS NAME STATEMENT File No. 2021-120987
The following person(s) is (are) doing business as: JCL HAIR DESIGN, 8911 SANTA MONICA BLVD, WEST HOLLYWOOD, CA 90069. Full name of registrant(s) is (are) JOSE LUIS CANOVAS, 8911 SANTA MONICA BLVD, WEST HOLLYWOOD, CA 90069. This business is conducted by AN INDIVIDUAL. Signed: JOSE LUIS CANOVAS. This statement was filed with the County Clerk of Los Angeles County on 05/28/2021. NOTICE: This Fictitious Name Statement expires five years from the date it was filed in the office of the County Clerk. Publish: Mountain Views News/JDC
Dates Pub: JUN 12, 19, 26, JULY 3, 2021
FICTITIOUS BUSINESS NAME STATEMENT File No. 2021-119631
The following person(s) is (are) doing business as: TOP NOTCH AUTO, 703 E COLORADO ST, GLENDALE, CA 91205. Full name of registrant(s) is (are) JOHN ARZUMANYAN, 703 E COLORADO ST, GLENDALE, CA 91205. This business is conducted by A GENERAL PARTNERSHIP. Signed: JOHN ARZUMANYAN. This statement was filed with the County Clerk of Los Angeles County on 05/27/2021. NOTICE: This Fictitious Name Statement expires five years from the date it was filed in the office of the County Clerk. Publish: Mountain Views News/JDC
Dates Pub: JUN 12, 19, 26, JULY 3, 2021
FICTITIOUS BUSINESS NAME STATEMENT File No. 2021-110614
The following person(s) is (are) doing business as: SOUTHERN CALIFORNIA LOGISTICS, 5430 VENTURA BOULEVARD SUITE 100, ENCINO, CA 91436. Full name of registrant(s) is (are) CHARLES PATRICK CHAN, 5430 VENTURA BOULEVARD SUITE 100, ENCINO, CA 91436. This business is conducted by AN INDIVIDUAL. Signed: CHARLES PATRICK CHAN. This statement was filed with the County Clerk of Los Angeles County on 05/13/2021. NOTICE: This Fictitious Name Statement expires five years from the date it was filed in the office of the County Clerk. Publish: Mountain Views News/JDC
Dates Pub: JUN 5, 12, 19, 26, 2021
FICTITIOUS BUSINESS NAME STATEMENT File No. 2021-115472
The following person(s) is (are) doing business as: PACIFIC TRUCKING, 9565 ACKERFIELD AVE, LONG BEACH, CA 90805. Full name of registrant(s) is (are) LASHAWN LEE ANDREWS, 9565 ACKERFIELD AVE, LONG BEACH, CA 90805. This business is conducted by AN INDIVIDUAL. Signed: LASHAWN LEE ANDREWS. This statement was filed with the County Clerk of Los Angeles County on 05/20/2021. NOTICE: This Fictitious Name Statement expires five years from the date it was filed in the office of the County Clerk. Publish: Mountain Views News/JDC
Dates Pub: JUN 5, 12, 19, 26, 2021
FICTITIOUS BUSINESS NAME STATEMENT File No. 2021-116983
The following person(s) is (are) doing business as: ALEJANDRA DOMINGUEZ RAMIREZ, 8825 BORONDO AVE APT 4, SANTA FE SPRINGS, CA 90670. This business is conducted by AN INDIVIDUAL. Signed: ALEJANDRA DOMINGUEZ RAMIREZ. This statement was filed with the County Clerk of Los Angeles County on 06/01/2021. NOTICE: This Fictitious Name Statement expires five years from the date it was filed in the office of the County Clerk. Publish: Mountain Views News/JDC
Dates Pub: JUN 5, 12, 19, 26, 2021
FICTITIOUS BUSINESS NAME STATEMENT File No. 2021-120977
The following person(s) is (are) doing business as: PURPOSE STAFFING AGENCY, 18032 CORDARY AVE APT 29, HAWTHORNE, CA 90250. Full name of registrant(s) is (are) COLLINS ODUNYI NKEMJIKA, 18032 CORDARY AVE APT 29, HAWTHORNE, CA 90250. This business is conducted by A GENERAL PARTNERSHIP. Signed: COLLINS ODUNYI NKEMJIKA. This statement was filed with the County Clerk of Los Angeles County on 05/28/2021. NOTICE: This Fictitious Name Statement expires five years from the date it was filed in the office of the County Clerk. Publish: Mountain Views News/JDC
Dates Pub: JUN 5, 12, 19, 26, 2021
FICTITIOUS BUSINESS NAME STATEMENT File No. 2021-118885
The following person(s) is (are) doing business as: BUYE NIQUE, 7745 ACKERFIELD AVE APT 108, LONG BEACH, CA 90805. Full name of registrant(s) is (are) KATHLEEN N TUTT, 7745 ACKERFIELD AVE, LONG BEACH, CA 90805. This business is conducted by AN INDIVIDUAL. Signed: KATHLEEN N TUTT. This statement was filed with the County Clerk of Los Angeles County on 05/26/2021. NOTICE: This Fictitious Name Statement expires five years from the date it was filed in the office of the County Clerk. Publish: Mountain Views News/JDC
Dates Pub: JUN 5, 12, 19, 26, 2021
FICTITIOUS BUSINESS NAME STATEMENT File No. 2021-119018
The following person(s) is (are) doing business as: FRUTS CHOPPED, 1481 KELLY, LONG BEACH, CA 90806. Full name of registrant(s) is (are) ALEJANDRA RODRIGUEZ, 1481 KELLY, LONG BEACH, CA 90806. This business is conducted by A MARRIED COUPLE. Signed: ALEJANDRA RODRIGUEZ. This statement was filed with the County Clerk of Los Angeles County on 05/26/2021. NOTICE: This Fictitious Name Statement expires five years from the date it was filed in the office of the County Clerk. Publish: Mountain Views News/JDC
Dates Pub: JUN 5, 12, 19, 26, 2021
FICTITIOUS BUSINESS NAME STATEMENT File No. 2021-117303
The following person(s) is (are) doing business as: TIRES AND WHEELS, 1091 E HARRY BRIDGES BLVD, WILMINGTON, CA 90744. Full name of registrant(s) is (are) MARIBEL CORDERO, 1091 E HARRY BRIDGES BLVD, WILMINGTON, CA 90744. This business is conducted by AN INDIVIDUAL. Signed: MARIBEL CORDERO. This statement was filed with the County Clerk of Los Angeles County on 05/24/2021. NOTICE: This Fictitious Name Statement expires five years from the date it was filed in the office of the County Clerk. Publish: Mountain Views News/JDC
Dates Pub: JUN 5, 12, 19, 26, 2021
FICTITIOUS BUSINESS NAME STATEMENT File No. 2021-122144
The following person(s) is (are) doing business as: GRACE HEALTHCARE SERVICES, 962 GOODYEAR AVE, DOWNEY, CA 90242. Full name of registrant(s) is (are) GRACE GUBACALA AZIGADO, 962 GOODYEAR AVE, DOWNEY, CA 90242. This business is conducted by AN INDIVIDUAL. Signed: GRACE GUBACALA ADIGADO. This statement was filed with the County Clerk of Los Angeles County on 06/01/2021. NOTICE: This Fictitious Name Statement expires five years from the date it was filed in the office of the County Clerk. Publish: Mountain Views News/JDC
Dates Pub: JUN 5, 12, 19, 26, 2021
FICTITIOUS BUSINESS NAME STATEMENT File No. 2021-114498
The following person(s) is (are) doing business as: JOSEPH SACRE, 1119 MCCAFFREY AVE, ROSEMEAD, CA 91770. This business is conducted by AN INDIVIDUAL. Signed: JOSEPH SACRE. This statement was filed with the County Clerk of Los Angeles County on 05/19/2021. NOTICE: This Fictitious Name Statement expires five years from the date it was filed in the office of the County Clerk. Publish: Mountain Views News/JDC
Dates Pub: JUN 5, 12, 19, 26, 2021
FICTITIOUS BUSINESS NAME STATEMENT File No. 2021-115908
The following person(s) is (are) doing business as: LA PATISSERIE DE HERNANDEZ, 4449 GARDENIA AVE, LONG BEACH, CA 90807. Full name of registrant(s) is (are) LAURA PACHECO DE HERNANDEZ, 4449 GARDENIA AVE, LONG BEACH, CA 90807. This business is conducted by AN INDIVIDUAL. Signed: LAURA PACHECO DE HERNANDEZ. This statement was filed with the County Clerk of Los Angeles County on 05/21/2021. NOTICE: This Fictitious Name Statement expires five years from the date it was filed in the office of the County Clerk. Publish: Mountain Views News/JDC
Dates Pub: JUN 5, 12, 19, 26, 2021
FICTITIOUS BUSINESS NAME STATEMENT File No. 2021-122277
The following person(s) is (are) doing business as: MAVERICK ABELL CONSULTANTS, 9626 MAVERICK DR, ACTON, CA 93510. Full name of registrant(s) is (are) ANTONIO MOSQUERA CENTENO, 9626 MAVERICK DR, ACTON, CA 93510. This business is conducted by AN INDIVIDUAL. Signed: ANTONIO MOSQUERA CENTENO. This statement was filed with the County Clerk of Los Angeles County on 06/01/2021. NOTICE: This Fictitious Name Statement expires five years from the date it was filed in the office of the County Clerk. Publish: Mountain Views News/JDC
Dates Pub: JUN 5, 12, 19, 26, 2021
FICTITIOUS BUSINESS NAME STATEMENT File No. 2021-118996
The following person(s) is (are) doing business as: WING WORKS, 1600 BEN HUR AVE, LOS ANGELES, CA 90031. Full name of registrant(s) is (are) KIMBERLY GRANOS RAMOS, 1600 BEN HUR AVE, LOS ANGELES, CA 90031. This business is conducted by AN INDIVIDUAL. Signed: KIMBERLY GRANOS RAMOS. This statement was filed with the County Clerk of Los Angeles County on 05/26/2021. NOTICE: This Fictitious Name Statement expires five years from the date it was filed in the office of the County Clerk. Publish: Mountain Views News/JDC
Dates Pub: JUN 5, 12, 19, 26, 2021
FICTITIOUS BUSINESS NAME STATEMENT File No. 2021-116521
The following person(s) is (are) doing business as: HANDYMAN SERVICES, 373 W ARBOR HIGHWAY # 45, LA CANADA, CA 91011. Full name of registrant(s) is (are) JUAN CARLOS CAMPOS, 373 W ARBOR HIGHWAY # 45, LA CANADA, CA 91011. This business is conducted by AN INDIVIDUAL. Signed: JUAN CARLOS CAMPOS. This statement was filed with the County Clerk of Los Angeles County on 05/24/2021. NOTICE: This Fictitious Name Statement expires five years from the date it was filed in the office of the County Clerk. Publish: Mountain Views News/JDC
Dates Pub: JUN 5, 12, 19, 26, 2021
FICTITIOUS BUSINESS NAME STATEMENT File No. 2021-123155
The following person(s) is (are) doing business as: IBAMBOS, 414 W ALONDRA ST, COMPTON, CA 90220. Full name of registrant(s) is (are) VICTOR GUEVARA, 414 W ALONDRA ST, COMPTON, CA 90220. This business is conducted by AN INDIVIDUAL. Signed: VICTOR GUEVARA. This statement was filed with the County Clerk of Los Angeles County on 06/02/2021. NOTICE: This Fictitious Name Statement expires five years from the date it was filed in the office of the County Clerk. Publish: Mountain Views News/JDC
Dates Pub: JUN 5, 12, 19, 26, 2021
FICTITIOUS BUSINESS NAME STATEMENT File No. 2021-118480
The following person(s) is (are) doing business as: TLC SWEET SHOP, 7715 SEVILLE AVE, HUNTINGTON PARK, CA 90255. This business is conducted by AN INDIVIDUAL. Signed: MARIA GUADALUPE CORTES. This statement was filed with the County Clerk of Los Angeles County on 05/25/2021. NOTICE: This Fictitious Name Statement expires five years from the date it was filed in the office of the County Clerk. Publish: Mountain Views News/JDC
Dates Pub: JUN 5, 12, 19, 26, 2021
FICTITIOUS BUSINESS NAME STATEMENT File No. 2021-117803
The following person(s) is (are) doing business as: THE GAMER HUB, 1110 N SAN GABRIEL BLVD, ROSEMEAD, CA 91770. Full name of registrant(s) is (are) THOMAS EDWARD LOTT, 1110 N SAN GABRIEL BLVD, ROSEMEAD, CA 91770. This business is conducted by AN INDIVIDUAL. Signed: THOMAS EDWARD LOTT. This statement was filed with the County Clerk of Los Angeles County on 05/24/2021. NOTICE: This Fictitious Name Statement expires five years from the date it was filed in the office of the County Clerk. Publish: Mountain Views News/JDC
Dates Pub: JUN 5, 12, 19, 26, 2021
FICTITIOUS BUSINESS NAME STATEMENT File No. 2021-116832
The following person(s) is (are) doing business as: PUNTOS CLUB, 211 E 12TH ST, LOS ANGELES, CA 90015. Full name of registrant(s) is (are) DIEGO VILLEGAS, 9515 HALLDALE AVE, LOS ANGELES, CA 90047. This business is conducted by AN INDIVIDUAL. Signed: DIEGO VILLEGAS. This statement was filed with the County Clerk of Los Angeles County on 05/19/2021. NOTICE: This Fictitious Name Statement expires five years from the date it was filed in the office of the County Clerk. Publish: Mountain Views News/JDC
Dates Pub: JUN 5, 12, 19, 26, 2021
FICTITIOUS BUSINESS NAME STATEMENT File No. 2021-114993
The following person(s) is (are) doing business as: TWO GUY'S PAINTING, 1300 S SANTA FE AVE, COMPTON, CA 90221. Full name of registrant(s) is (are) ROBERTO GARCIA, 1300 S SANTA FE AVE, COMPTON, CA 90221. This business is conducted by AN INDIVIDUAL. Signed: ROBERTO GARCIA. This statement was filed with the County Clerk of Los Angeles County on 05/20/2021. NOTICE: This Fictitious Name Statement expires five years from the date it was filed in the office of the County Clerk. Publish: Mountain Views News/JDC
Dates Pub: JUN 5, 12, 19, 26, 2021
FICTITIOUS BUSINESS NAME STATEMENT File No. 2021-114666
The following person(s) is (are) doing business as: ILLUMINATIONS WELLNESS INSTITUTE, 2030 SUNSHINE DR, MONTEREY PARK, CA 91754. Full name of registrant(s) is (are) DIANA EMILY MONTOYA, 2030 SUNSHINE DR, MONTEREY PARK, CA 91754. This business is conducted by A GENERAL PARTNERSHIP. Signed: DIANA EMILY MONTOYA. This statement was filed with the County Clerk of Los Angeles County on 05/19/2021. NOTICE: This Fictitious Name Statement expires five years from the date it was filed in the office of the County Clerk. Publish: Mountain Views News/JDC
Dates Pub: JUN 5, 12, 19, 26, 2021
FICTITIOUS BUSINESS NAME STATEMENT File No. 2021-122179
The following person(s) is (are) doing business as: WINDOW DRAPERIES ETC, 600 GARDENIA AVE, LONG BEACH, CA 90807. Full name of registrant(s) is (are) ALBERTO HERNANDEZ, 600 GARDENIA AVE, LONG BEACH, CA 90807. This business is conducted by AN INDIVIDUAL. Signed: ALBERTO HERNANDEZ. This statement was filed with the County Clerk of Los Angeles County on 06/01/2021. NOTICE: This Fictitious Name Statement expires five years from the date it was filed in the office of the County Clerk. Publish: Mountain Views News/JDC
Dates Pub: JUN 5, 12, 19, 26, 2021
FILE NO. 2021-122121 STATEMENT OF ABANDONMENT OF USE OF FICTITIOUS BUSINESS NAME
The following person(s) has (have) abandoned the use of the fictitious business name: GARCIA'S GENERAL CONSULTING, 602 S LONG BEACH BLVD, COMPTON, CA 90221. The fictitious business name referred to above was filed on 08/09/2019, in the County of Los Angeles. Original file no. 2019178845. The business was conducted by AN INDIVIDUAL. This statement was filed with the County Clerk of Los Angeles County on 06/01/2021. Publish: Mountain Views News/JDC
Dates Pub: JUN 5, 12, 19, 26, 2021
FILE NO. 2021-122116 STATEMENT OF ABANDONMENT OF USE OF FICTITIOUS BUSINESS NAME
The following person(s) has (have) abandoned the use of the fictitious business name: GWENDOLYN FIELDS-ABRAMS, 13717 E 5TH STREET, LONG BEACH, CA 90802. The fictitious business name referred to above was filed on 11/15/2017, in the County of Los Angeles. Original file no. 2017327885. This statement was filed with the County Clerk of Los Angeles County on 06/01/2021. Publish: Mountain Views News/JDC
Dates Pub: JUN 5, 12, 19, 26, 2021
FICTITIOUS BUSINESS NAME STATEMENT File No. 2021-117449
The following person(s) is (are) doing business as: AMBIEN CLEANING, 1518 GREEN MEADOWS AVE, THOUSAND OAKS, CA 91360. Full name of registrant(s) is (are) AMBIEN CLEANING SOLUTIONS, 7943 VALLEY VILLAGE AVE, VALLEY VILLAGE, CA 91607. This business is conducted by A CORPORATION. Signed: JAVIER PEREZ, CEO. This statement was filed with the County Clerk of Los Angeles County on 05/21/2021. NOTICE: This Fictitious Name Statement expires five years from the date it was filed in the office of the County Clerk. Publish: Mountain Views News/JDC
Dates Pub: JUN 5, 12, 19, 26, 2021
FICTITIOUS BUSINESS NAME STATEMENT File No. 2021-116727
The following person(s) is (are) doing business as: FELIX CUSTOM UPHOLSTERY, 1700 W WASHINGTON BLVD, LOS ANGELES, CA 90018. Full name of registrant(s) is (are) FELIX FERNANDO ARGUETA, 1700 W WASHINGTON BLVD, LOS ANGELES, CA 90018. This business is conducted by AN INDIVIDUAL. Signed: FELIX FERNANDO ARGUETA. This statement was filed with the County Clerk of Los Angeles County on 05/21/2021. NOTICE: This Fictitious Name Statement expires five years from the date it was filed in the office of the County Clerk. Publish: Mountain Views News/JDC
Dates Pub: JUN 5, 12, 19, 26, 2021
FICTITIOUS BUSINESS NAME STATEMENT File No. 2021-120727
The following person(s) is (are) doing business as: JOHNNY'S AUTO REPAIR, 6100 S AVALON BLVD, LOS ANGELES, CA 90003. Full name of registrant(s) is (are) JOHNNY HERNANDEZ, 6100 S AVALON BLVD, LOS ANGELES, CA 90003. This business is conducted by AN INDIVIDUAL. Signed: JOHNNY HERNANDEZ. This statement was filed with the County Clerk of Los Angeles County on 05/28/2021. NOTICE: This Fictitious Name Statement expires five years from the date it was filed in the office of the County Clerk. Publish: Mountain Views News/JDC
Dates Pub: JUN 5, 12, 19, 26, 2021
FICTITIOUS BUSINESS NAME STATEMENT File No. 2021-116014
The following person(s) is (are) doing business as: WISH BAKERY, 2733 CARBON ST, HAWTHORNE, CA 90250. Full name of registrant(s) is (are) AMBROSIA NAOMI VALENCIA, 2733 CARBON ST, HAWTHORNE, CA 90250. This business is conducted by AN INDIVIDUAL. Signed: AMBROSIA NAOMI VALENCIA. This statement was filed with the County Clerk of Los Angeles County on 05/20/2021. Publish: Mountain Views News/JDC
Dates Pub: JUN 5, 12, 19, 26, 2021
Follow us online at:
www.
mtnviewsnews.com
Mountain View News 80 W Sierra Madre Blvd. No. 327 Sierra Madre, Ca. 91024 Office: 626.355.2737 Fax: 626.609.3285 Email: editor@mtnviewsnews.com Website: www.mtnviewsnews.com
